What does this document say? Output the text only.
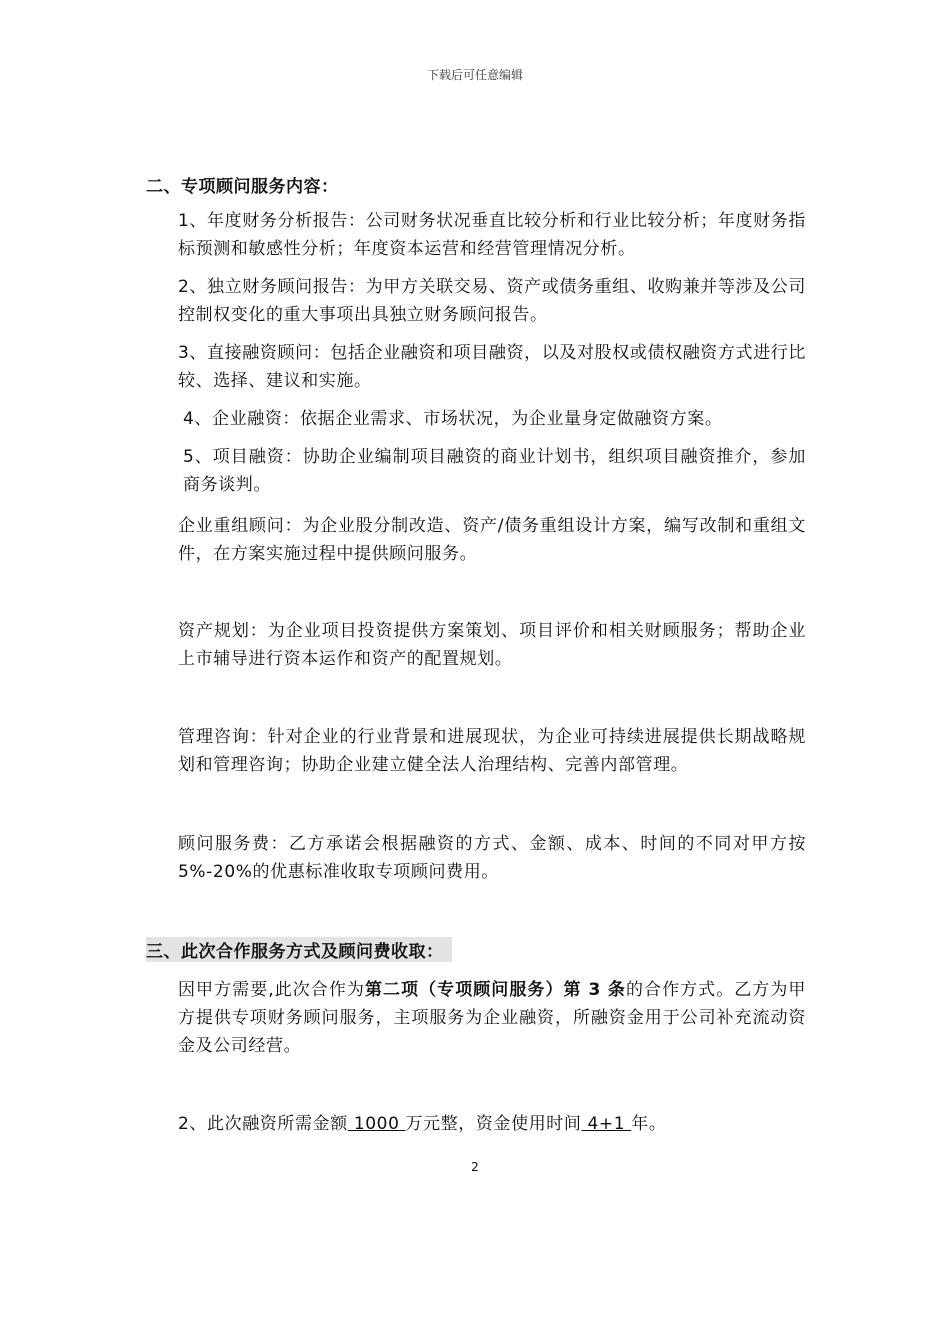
下载后可任意编辑
二、专项顾问服务内容：
1、年度财务分析报告：公司财务状况垂直比较分析和行业比较分析；年度财务指标预测和敏感性分析；年度资本运营和经营管理情况分析。
2、独立财务顾问报告：为甲方关联交易、资产或债务重组、收购兼并等涉及公司控制权变化的重大事项出具独立财务顾问报告。
3、直接融资顾问：包括企业融资和项目融资，以及对股权或债权融资方式进行比较、选择、建议和实施。
4、企业融资：依据企业需求、市场状况，为企业量身定做融资方案。
5、项目融资：协助企业编制项目融资的商业计划书，组织项目融资推介，参加商务谈判。
企业重组顾问：为企业股分制改造、资产/债务重组设计方案，编写改制和重组文件，在方案实施过程中提供顾问服务。
资产规划：为企业项目投资提供方案策划、项目评价和相关财顾服务；帮助企业上市辅导进行资本运作和资产的配置规划。
管理咨询：针对企业的行业背景和进展现状，为企业可持续进展提供长期战略规划和管理咨询；协助企业建立健全法人治理结构、完善内部管理。
顾问服务费：乙方承诺会根据融资的方式、金额、成本、时间的不同对甲方按 5%-20%的优惠标准收取专项顾问费用。
三、此次合作服务方式及顾问费收取：
因甲方需要,此次合作为第二项（专项顾问服务）第 3 条的合作方式。乙方为甲方提供专项财务顾问服务，主项服务为企业融资，所融资金用于公司补充流动资金及公司经营。
2、此次融资所需金额 1000 万元整，资金使用时间 4+1 年。
2
